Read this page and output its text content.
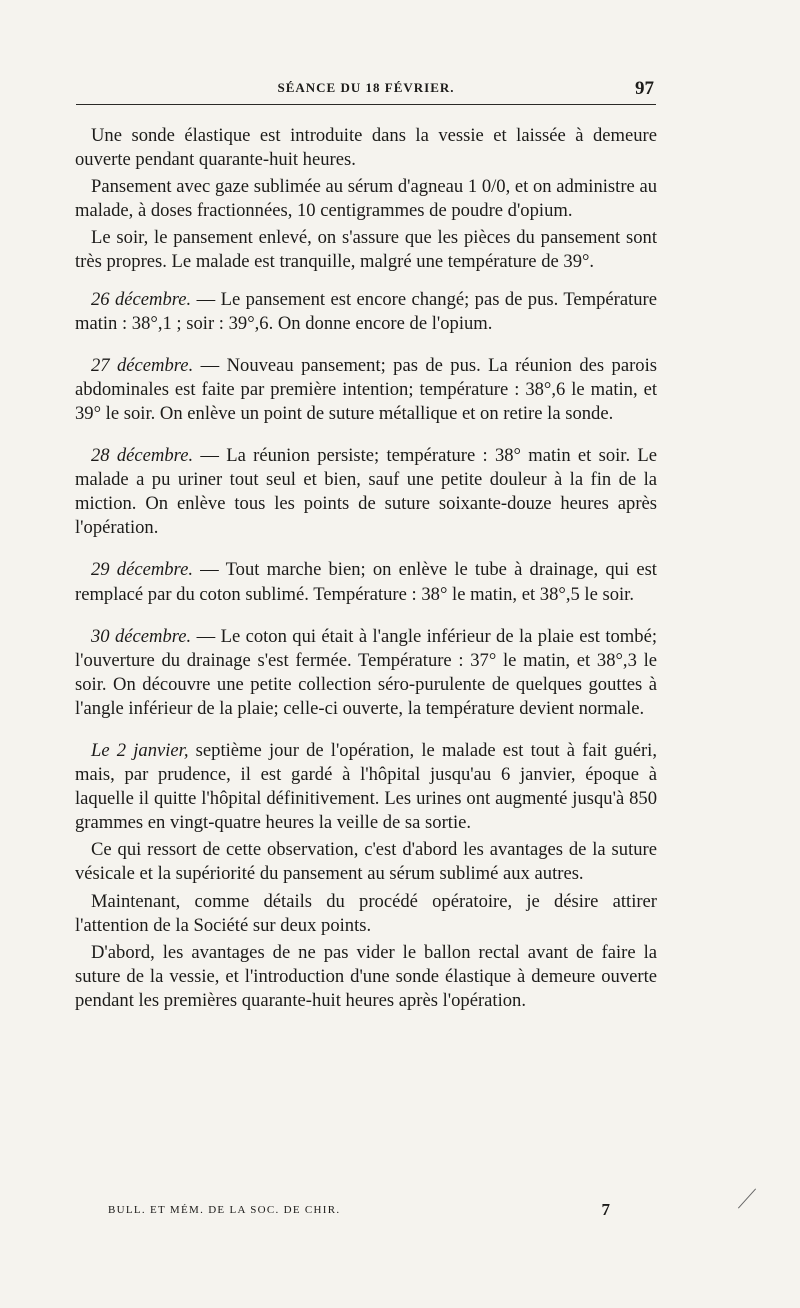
SÉANCE DU 18 FÉVRIER.	97

Une sonde élastique est introduite dans la vessie et laissée à demeure ouverte pendant quarante-huit heures.

Pansement avec gaze sublimée au sérum d'agneau 1 0/0, et on administre au malade, à doses fractionnées, 10 centigrammes de poudre d'opium.

Le soir, le pansement enlevé, on s'assure que les pièces du pansement sont très propres. Le malade est tranquille, malgré une température de 39°.

26 décembre. — Le pansement est encore changé; pas de pus. Température matin : 38°,1 ; soir : 39°,6. On donne encore de l'opium.

27 décembre. — Nouveau pansement; pas de pus. La réunion des parois abdominales est faite par première intention; température : 38°,6 le matin, et 39° le soir. On enlève un point de suture métallique et on retire la sonde.

28 décembre. — La réunion persiste; température : 38° matin et soir. Le malade a pu uriner tout seul et bien, sauf une petite douleur à la fin de la miction. On enlève tous les points de suture soixante-douze heures après l'opération.

29 décembre. — Tout marche bien; on enlève le tube à drainage, qui est remplacé par du coton sublimé. Température : 38° le matin, et 38°,5 le soir.

30 décembre. — Le coton qui était à l'angle inférieur de la plaie est tombé; l'ouverture du drainage s'est fermée. Température : 37° le matin, et 38°,3 le soir. On découvre une petite collection séro-purulente de quelques gouttes à l'angle inférieur de la plaie; celle-ci ouverte, la température devient normale.

Le 2 janvier, septième jour de l'opération, le malade est tout à fait guéri, mais, par prudence, il est gardé à l'hôpital jusqu'au 6 janvier, époque à laquelle il quitte l'hôpital définitivement. Les urines ont augmenté jusqu'à 850 grammes en vingt-quatre heures la veille de sa sortie.

Ce qui ressort de cette observation, c'est d'abord les avantages de la suture vésicale et la supériorité du pansement au sérum sublimé aux autres.

Maintenant, comme détails du procédé opératoire, je désire attirer l'attention de la Société sur deux points.

D'abord, les avantages de ne pas vider le ballon rectal avant de faire la suture de la vessie, et l'introduction d'une sonde élastique à demeure ouverte pendant les premières quarante-huit heures après l'opération.

BULL. ET MÉM. DE LA SOC. DE CHIR.	7
